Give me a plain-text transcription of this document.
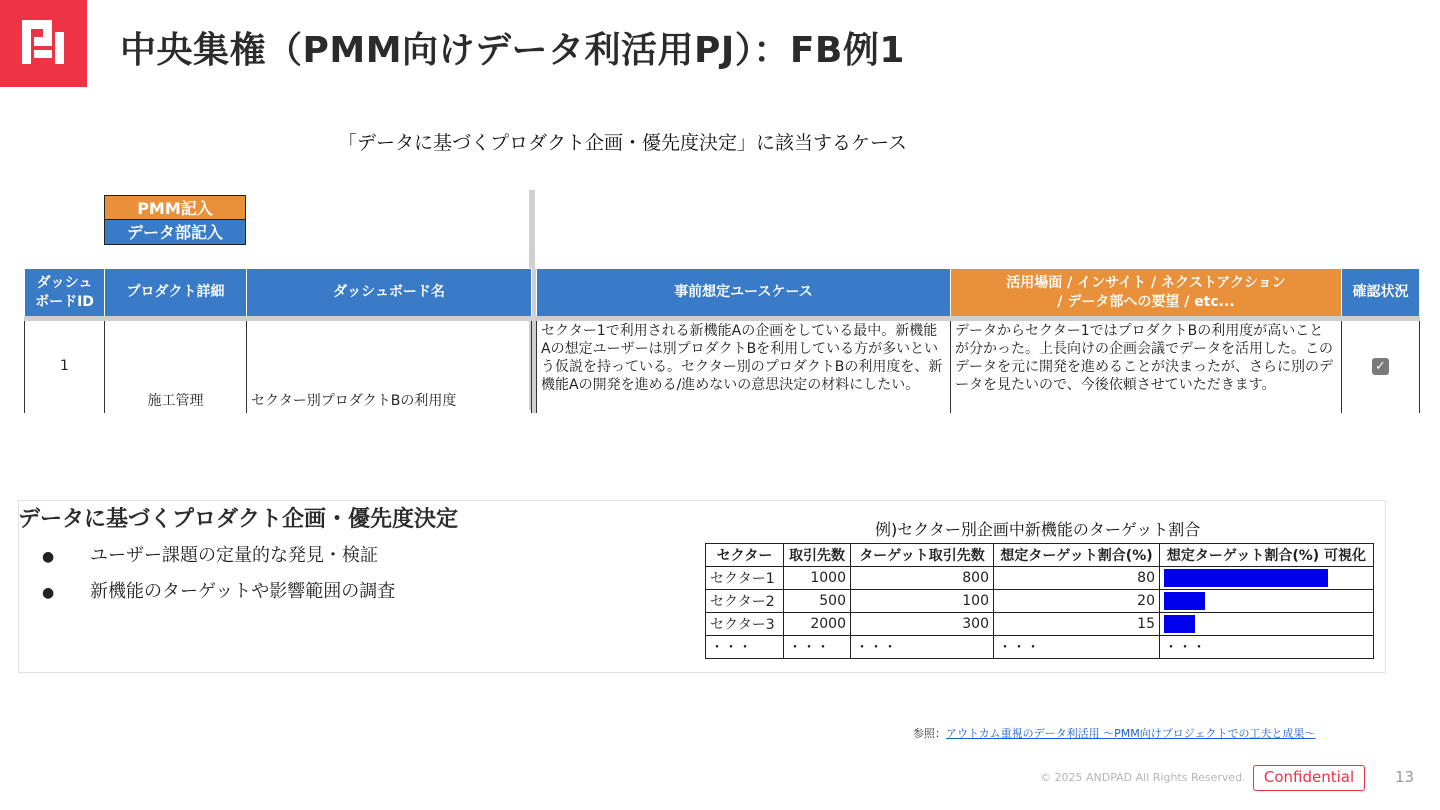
中央集権（PMM向けデータ利活用PJ）：FB例1
「データに基づくプロダクト企画・優先度決定」に該当するケース
PMM記入
データ部記入
ダッシュ
ボードID	プロダクト詳細	ダッシュボード名		事前想定ユースケース	活用場面 / インサイト / ネクストアクション
/ データ部への要望 / etc...	確認状況
1	施工管理	セクター別プロダクトBの利用度		セクター1で利用される新機能Aの企画をしている最中。新機能Aの想定ユーザーは別プロダクトBを利用している方が多いという仮説を持っている。セクター別のプロダクトBの利用度を、新機能Aの開発を進める/進めないの意思決定の材料にしたい。	データからセクター1ではプロダクトBの利用度が高いことが分かった。上長向けの企画会議でデータを活用した。このデータを元に開発を進めることが決まったが、さらに別のデータを見たいので、今後依頼させていただきます。	✓
データに基づくプロダクト企画・優先度決定
● ユーザー課題の定量的な発見・検証
● 新機能のターゲットや影響範囲の調査
例)セクター別企画中新機能のターゲット割合
セクター	取引先数	ターゲット取引先数	想定ターゲット割合(%)	想定ターゲット割合(%) 可視化
セクター1	1000	800	80	

セクター2	500	100	20	

セクター3	2000	300	15	

・・・	・・・	・・・	・・・	・・・
参照：アウトカム重視のデータ利活用 〜PMM向けプロジェクトでの工夫と成果〜
© 2025 ANDPAD All Rights Reserved.	Confidential	13
